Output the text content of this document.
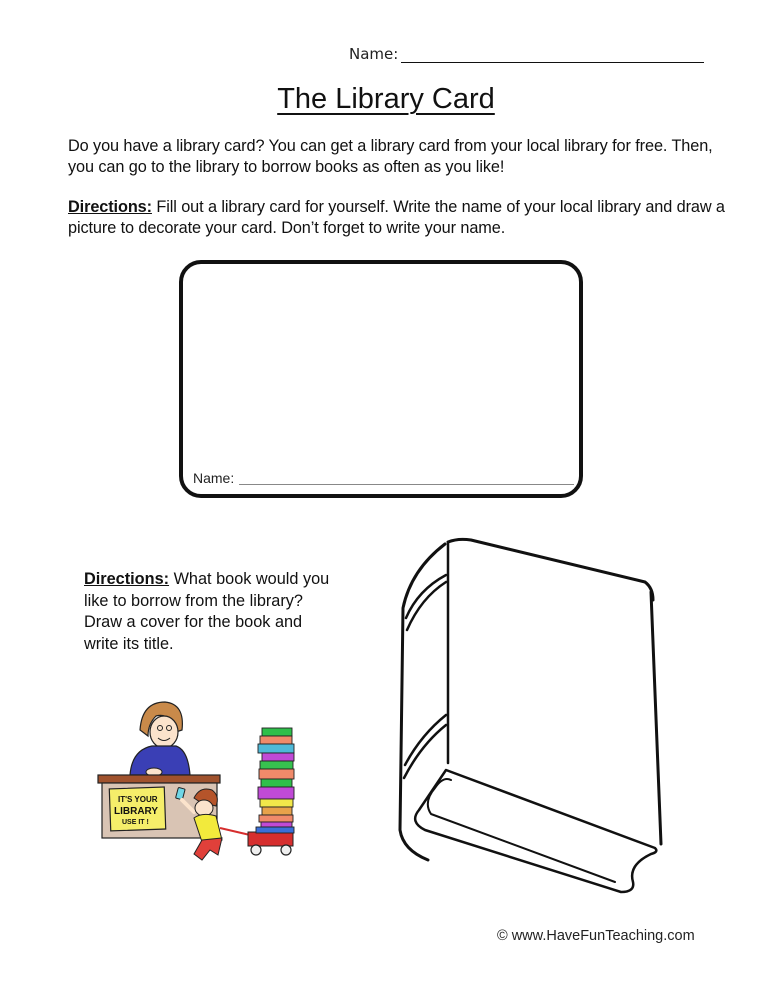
Name:
The Library Card
Do you have a library card? You can get a library card from your local library for free. Then, you can go to the library to borrow books as often as you like!
Directions: Fill out a library card for yourself. Write the name of your local library and draw a picture to decorate your card. Don’t forget to write your name.
Name:
Directions: What book would you like to borrow from the library? Draw a cover for the book and write its title.
IT'S YOUR
LIBRARY
USE IT !
© www.HaveFunTeaching.com
